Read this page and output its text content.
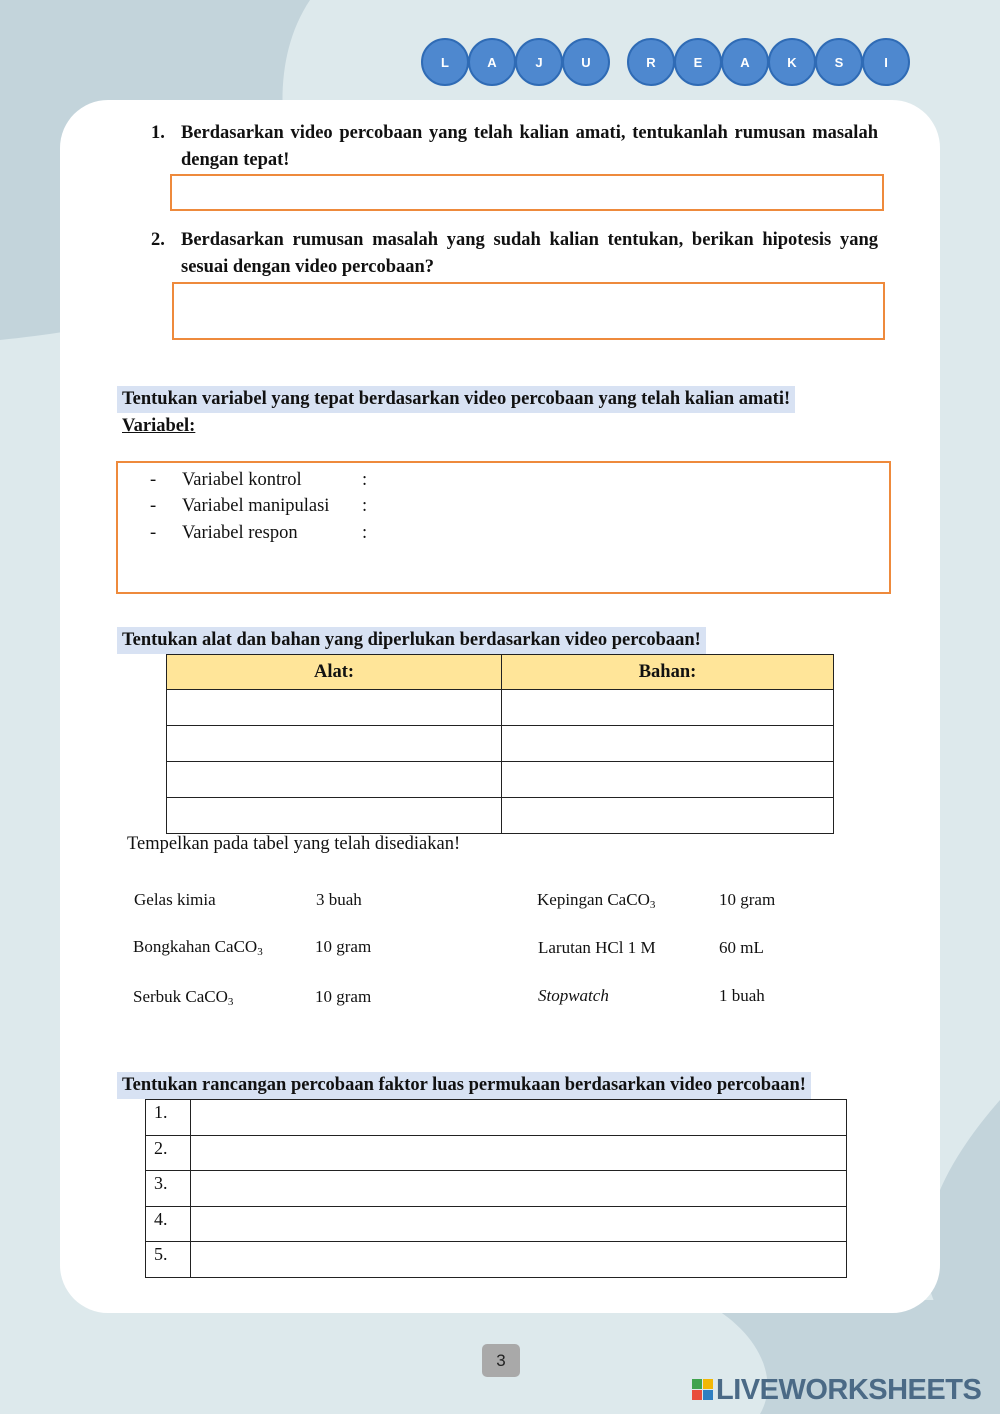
L	A	J	U	R	E	A	K	S	I
1. Berdasarkan video percobaan yang telah kalian amati, tentukanlah rumusan masalah dengan tepat!
2. Berdasarkan rumusan masalah yang sudah kalian tentukan, berikan hipotesis yang sesuai dengan video percobaan?
Tentukan variabel yang tepat berdasarkan video percobaan yang telah kalian amati!
Variabel:
- Variabel kontrol	:
- Variabel manipulasi :
- Variabel respon	:
Tentukan alat dan bahan yang diperlukan berdasarkan video percobaan!
Alat:	Bahan:

Tempelkan pada tabel yang telah disediakan!
Gelas kimia	3 buah	Kepingan CaCO$_3$	10 gram
Bongkahan CaCO$_3$	10 gram	Larutan HCl 1 M	60 mL
Serbuk CaCO$_3$	10 gram	Stopwatch	1 buah
Tentukan rancangan percobaan faktor luas permukaan berdasarkan video percobaan!
1.	
2.	
3.	
4.	
5.	
3
LIVEWORKSHEETS
